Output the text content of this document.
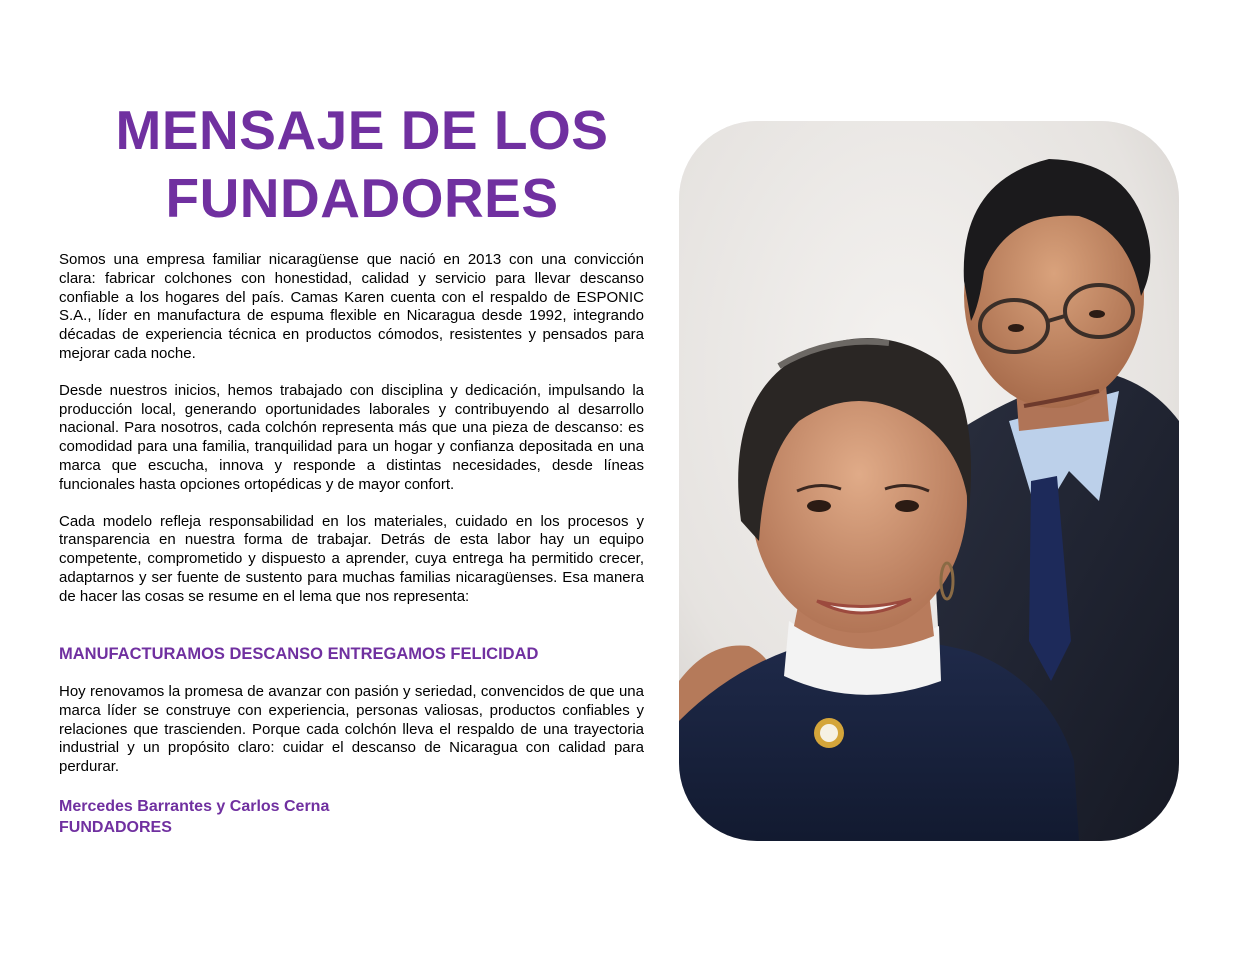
MENSAJE DE LOS
FUNDADORES

Somos una empresa familiar nicaragüense que nació en 2013 con una convicción clara: fabricar colchones con honestidad, calidad y servicio para llevar descanso confiable a los hogares del país. Camas Karen cuenta con el respaldo de ESPONIC S.A., líder en manufactura de espuma flexible en Nicaragua desde 1992, integrando décadas de experiencia técnica en productos cómodos, resistentes y pensados para mejorar cada noche.

Desde nuestros inicios, hemos trabajado con disciplina y dedicación, impulsando la producción local, generando oportunidades laborales y contribuyendo al desarrollo nacional. Para nosotros, cada colchón representa más que una pieza de descanso: es comodidad para una familia, tranquilidad para un hogar y confianza depositada en una marca que escucha, innova y responde a distintas necesidades, desde líneas funcionales hasta opciones ortopédicas y de mayor confort.

Cada modelo refleja responsabilidad en los materiales, cuidado en los procesos y transparencia en nuestra forma de trabajar. Detrás de esta labor hay un equipo competente, comprometido y dispuesto a aprender, cuya entrega ha permitido crecer, adaptarnos y ser fuente de sustento para muchas familias nicaragüenses. Esa manera de hacer las cosas se resume en el lema que nos representa:

MANUFACTURAMOS DESCANSO ENTREGAMOS FELICIDAD

Hoy renovamos la promesa de avanzar con pasión y seriedad, convencidos de que una marca líder se construye con experiencia, personas valiosas, productos confiables y relaciones que trascienden. Porque cada colchón lleva el respaldo de una trayectoria industrial y un propósito claro: cuidar el descanso de Nicaragua con calidad para perdurar.

Mercedes Barrantes y Carlos Cerna
FUNDADORES
